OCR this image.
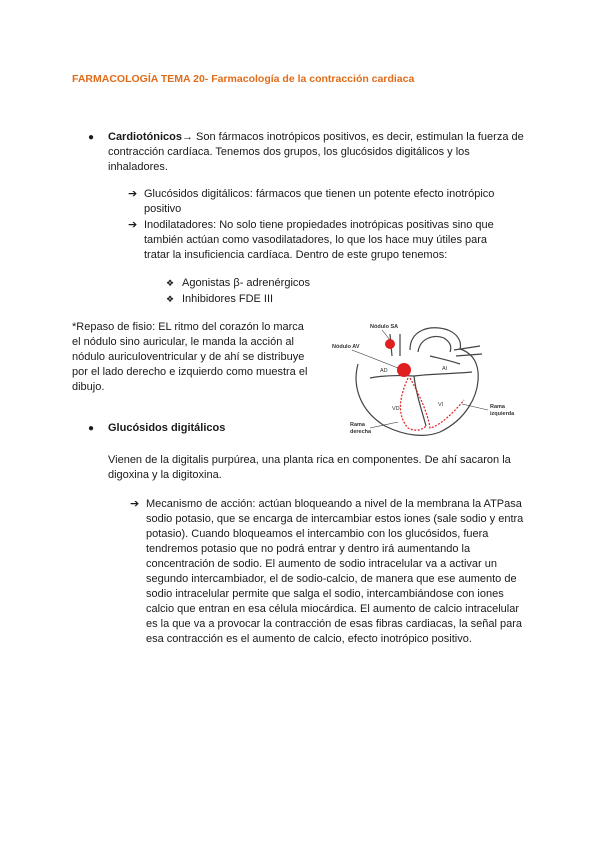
FARMACOLOGÍA TEMA 20- Farmacología de la contracción cardiaca
● Cardiotónicos→ Son fármacos inotrópicos positivos, es decir, estimulan la fuerza de contracción cardíaca. Tenemos dos grupos, los glucósidos digitálicos y los inhaladores.
➔ Glucósidos digitálicos: fármacos que tienen un potente efecto inotrópico positivo
➔ Inodilatadores: No solo tiene propiedades inotrópicas positivas sino que también actúan como vasodilatadores, lo que los hace muy útiles para tratar la insuficiencia cardíaca. Dentro de este grupo tenemos:
❖ Agonistas β- adrenérgicos
❖ Inhibidores FDE III
*Repaso de fisio: EL ritmo del corazón lo marca el nódulo sino auricular, le manda la acción al nódulo auriculoventricular y de ahí se distribuye por el lado derecho e izquierdo como muestra el dibujo.
Nódulo SA
Nódulo AV
AD	AI
VD
VI	Rama
izquierda
Rama
derecha
● Glucósidos digitálicos
Vienen de la digitalis purpúrea, una planta rica en componentes. De ahí sacaron la digoxina y la digitoxina.
➔ Mecanismo de acción: actúan bloqueando a nivel de la membrana la ATPasa sodio potasio, que se encarga de intercambiar estos iones (sale sodio y entra potasio). Cuando bloqueamos el intercambio con los glucósidos, fuera tendremos potasio que no podrá entrar y dentro irá aumentando la concentración de sodio. El aumento de sodio intracelular va a activar un segundo intercambiador, el de sodio-calcio, de manera que ese aumento de sodio intracelular permite que salga el sodio, intercambiándose con iones calcio que entran en esa célula miocárdica. El aumento de calcio intracelular es la que va a provocar la contracción de esas fibras cardiacas, la señal para esa contracción es el aumento de calcio, efecto inotrópico positivo.
